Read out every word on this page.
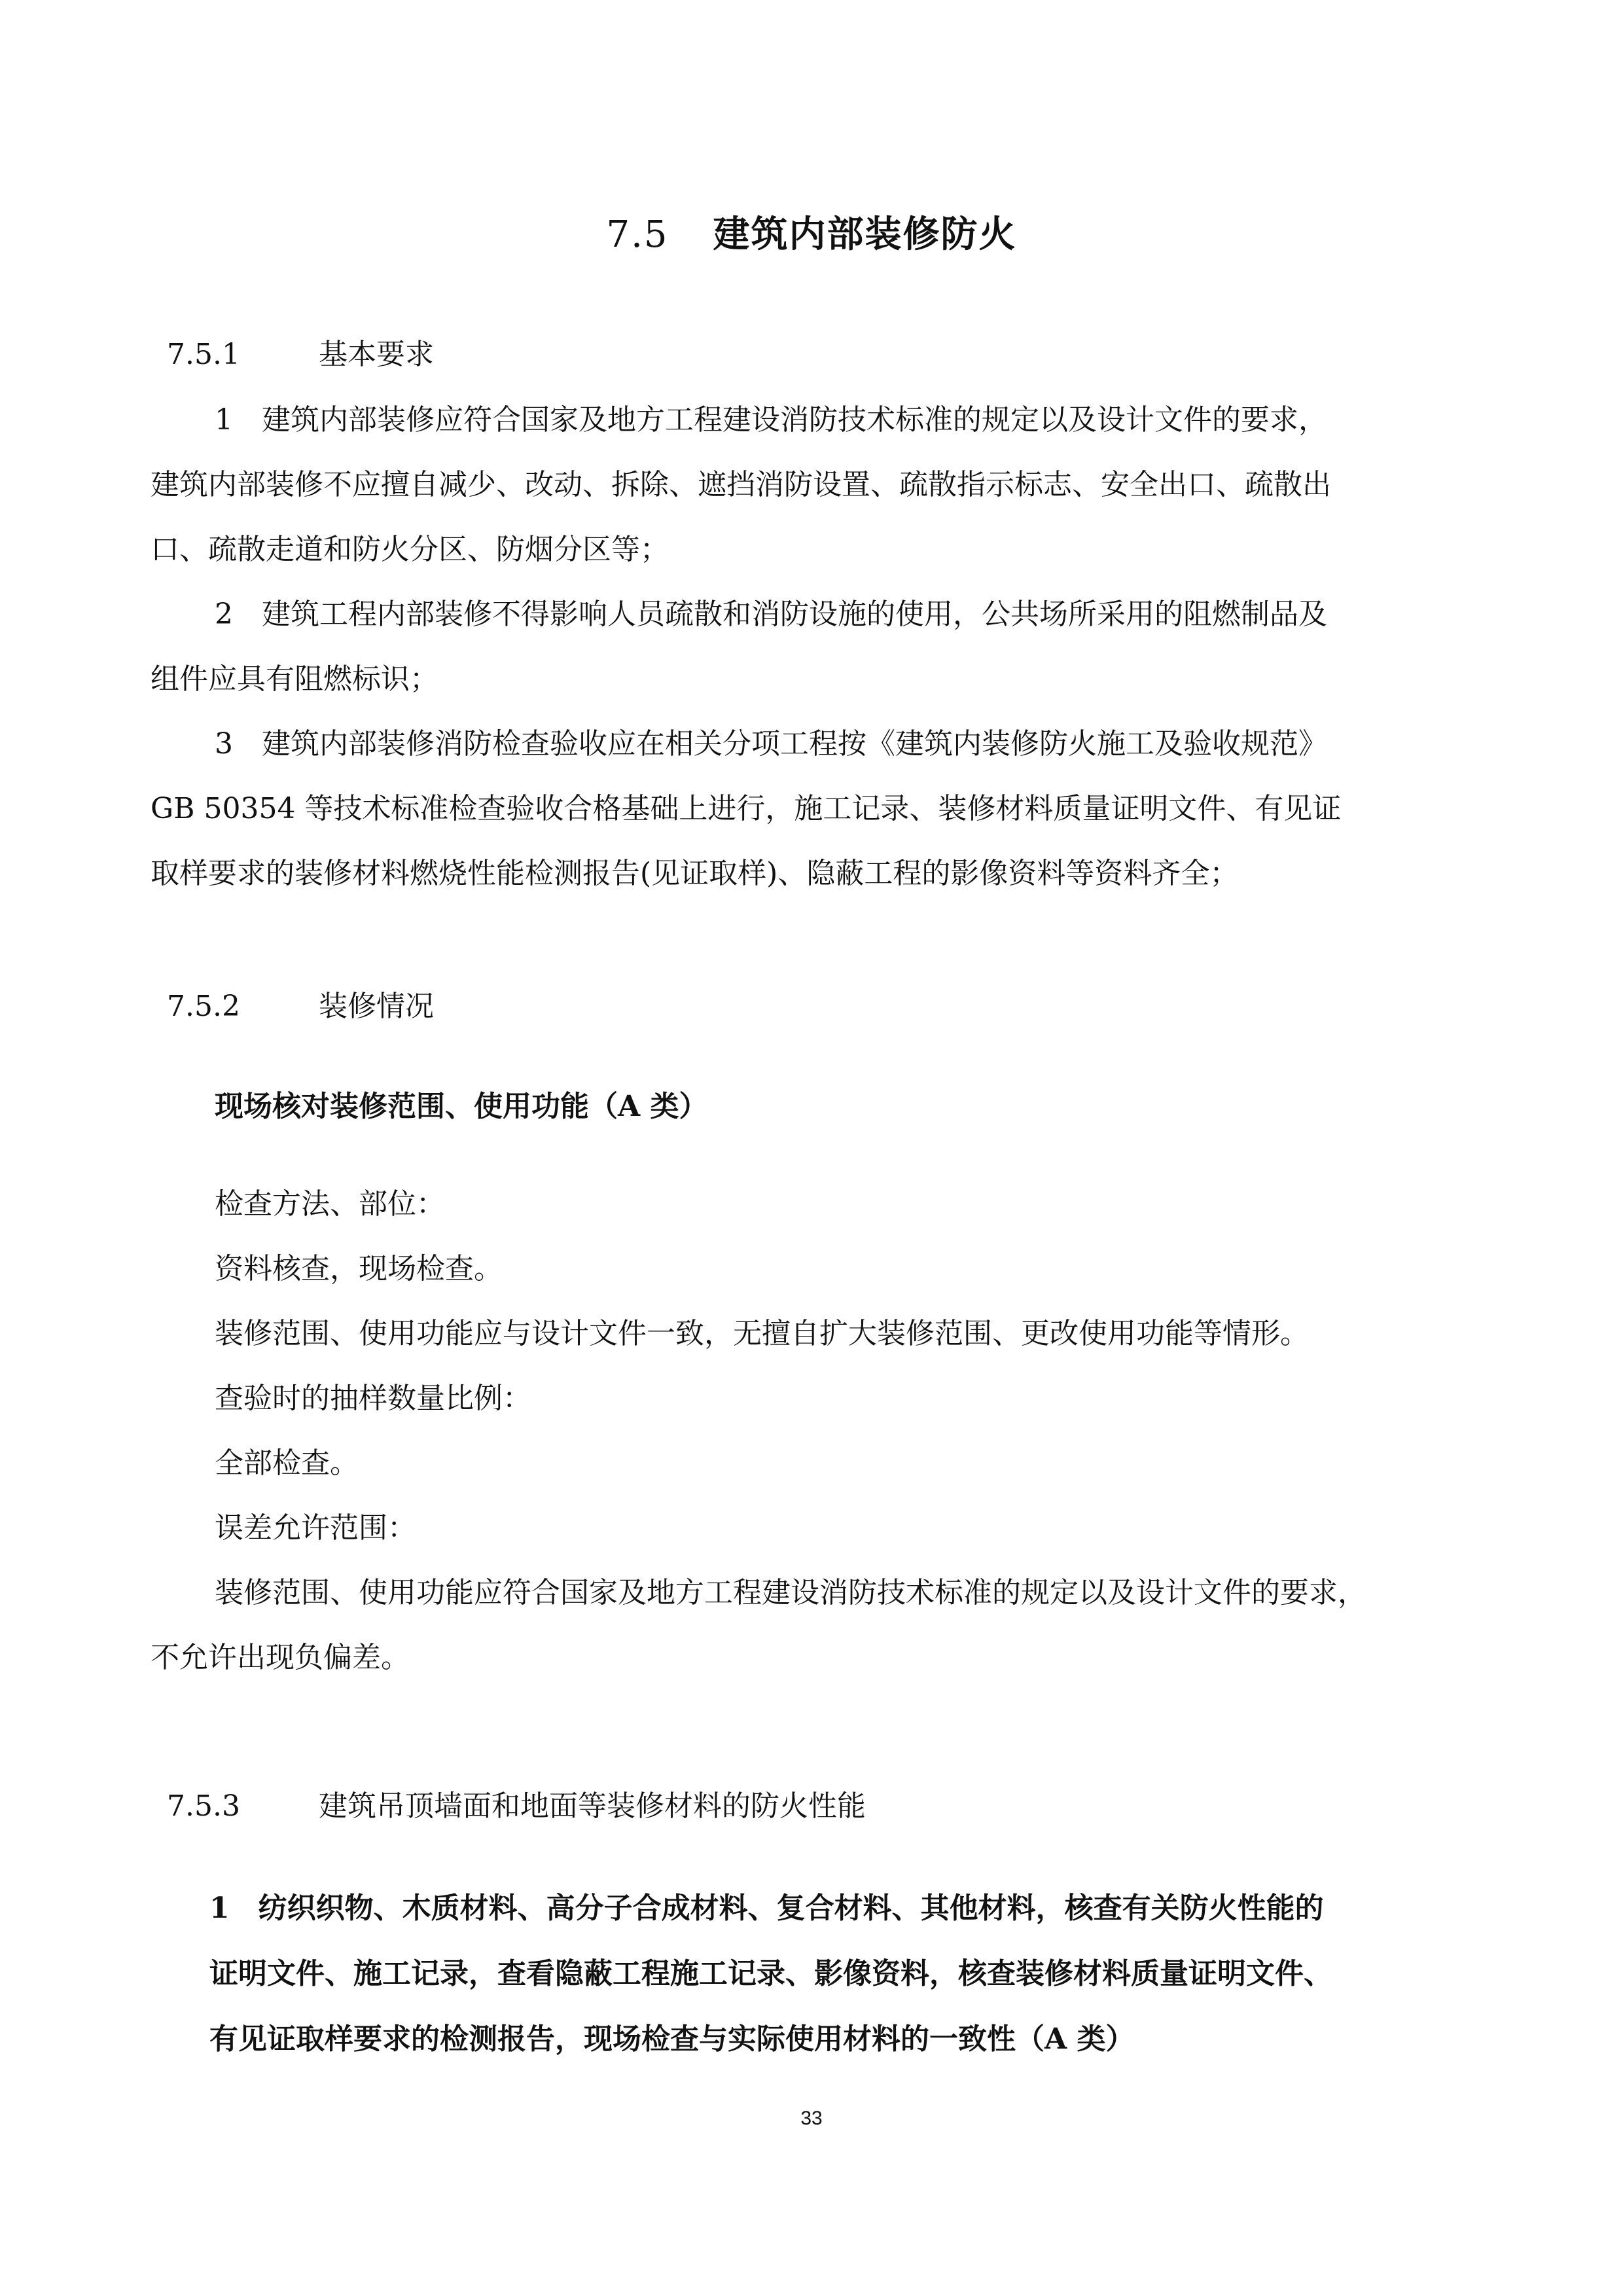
7.5 建筑内部装修防火
7.5.1	基本要求

1　建筑内部装修应符合国家及地方工程建设消防技术标准的规定以及设计文件的要求，

建筑内部装修不应擅自减少、改动、拆除、遮挡消防设置、疏散指示标志、安全出口、疏散出

口、疏散走道和防火分区、防烟分区等；

2　建筑工程内部装修不得影响人员疏散和消防设施的使用，公共场所采用的阻燃制品及

组件应具有阻燃标识；

3　建筑内部装修消防检查验收应在相关分项工程按《建筑内装修防火施工及验收规范》

GB 50354 等技术标准检查验收合格基础上进行，施工记录、装修材料质量证明文件、有见证

取样要求的装修材料燃烧性能检测报告(见证取样)、隐蔽工程的影像资料等资料齐全；

7.5.2	装修情况
现场核对装修范围、使用功能（A 类）

检查方法、部位：

资料核查，现场检查。

装修范围、使用功能应与设计文件一致，无擅自扩大装修范围、更改使用功能等情形。

查验时的抽样数量比例：

全部检查。

误差允许范围：

装修范围、使用功能应符合国家及地方工程建设消防技术标准的规定以及设计文件的要求，

不允许出现负偏差。

7.5.3	建筑吊顶墙面和地面等装修材料的防火性能

1　纺织织物、木质材料、高分子合成材料、复合材料、其他材料，核查有关防火性能的

证明文件、施工记录，查看隐蔽工程施工记录、影像资料，核查装修材料质量证明文件、

有见证取样要求的检测报告，现场检查与实际使用材料的一致性（A 类）

33
